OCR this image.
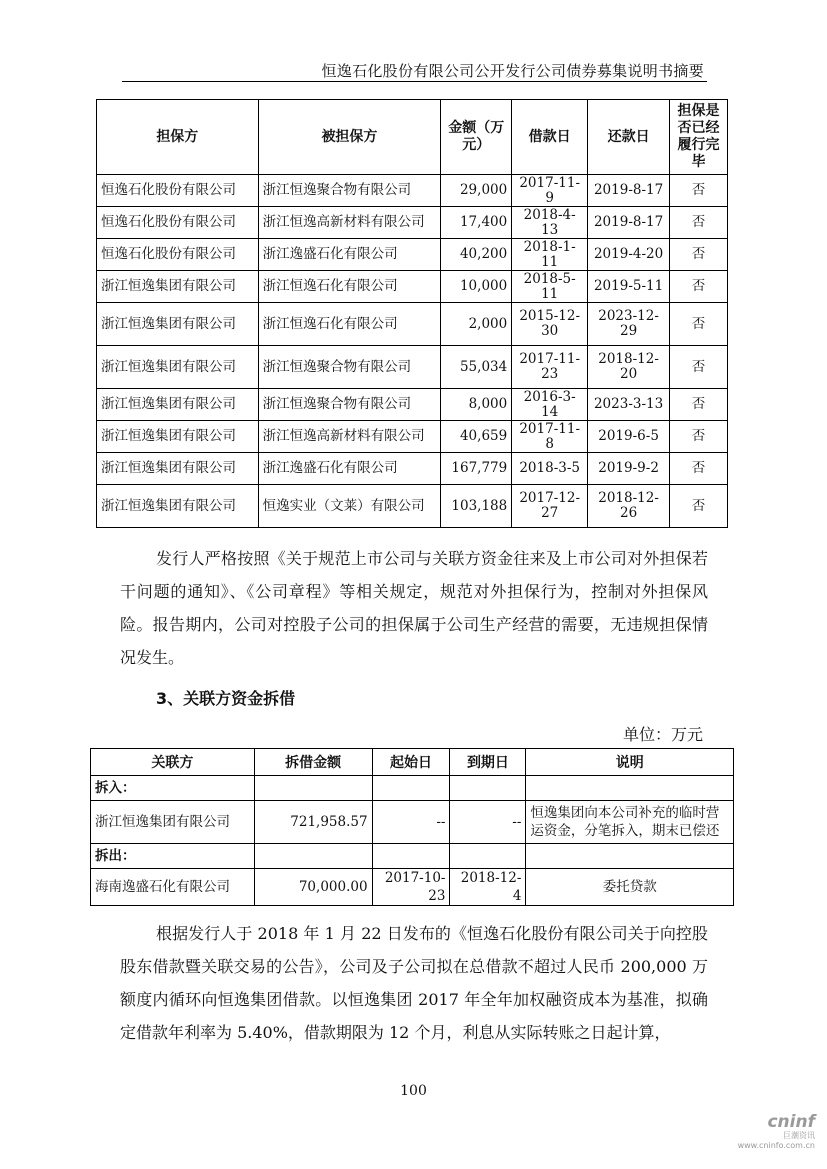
恒逸石化股份有限公司公开发行公司债券募集说明书摘要
担保方	被担保方	金额（万元）	借款日	还款日	担保是否已经履行完毕
恒逸石化股份有限公司	浙江恒逸聚合物有限公司	29,000	2017-11-9	2019-8-17	否
恒逸石化股份有限公司	浙江恒逸高新材料有限公司	17,400	2018-4-13	2019-8-17	否
恒逸石化股份有限公司	浙江逸盛石化有限公司	40,200	2018-1-11	2019-4-20	否
浙江恒逸集团有限公司	浙江恒逸石化有限公司	10,000	2018-5-11	2019-5-11	否
浙江恒逸集团有限公司	浙江恒逸石化有限公司	2,000	2015-12-30	2023-12-29	否
浙江恒逸集团有限公司	浙江恒逸聚合物有限公司	55,034	2017-11-23	2018-12-20	否
浙江恒逸集团有限公司	浙江恒逸聚合物有限公司	8,000	2016-3-14	2023-3-13	否
浙江恒逸集团有限公司	浙江恒逸高新材料有限公司	40,659	2017-11-8	2019-6-5	否
浙江恒逸集团有限公司	浙江逸盛石化有限公司	167,779	2018-3-5	2019-9-2	否
浙江恒逸集团有限公司	恒逸实业（文莱）有限公司	103,188	2017-12-27	2018-12-26	否
发行人严格按照《关于规范上市公司与关联方资金往来及上市公司对外担保若干问题的通知》、《公司章程》等相关规定，规范对外担保行为，控制对外担保风险。报告期内，公司对控股子公司的担保属于公司生产经营的需要，无违规担保情况发生。
3、关联方资金拆借
单位：万元
关联方	拆借金额	起始日	到期日	说明
拆入：				
浙江恒逸集团有限公司	721,958.57	--	--	恒逸集团向本公司补充的临时营运资金，分笔拆入，期末已偿还
拆出：				
海南逸盛石化有限公司	70,000.00	2017-10-23	2018-12-4	委托贷款
根据发行人于 2018 年 1 月 22 日发布的《恒逸石化股份有限公司关于向控股股东借款暨关联交易的公告》，公司及子公司拟在总借款不超过人民币 200,000 万额度内循环向恒逸集团借款。以恒逸集团 2017 年全年加权融资成本为基准，拟确定借款年利率为 5.40%，借款期限为 12 个月，利息从实际转账之日起计算，
100
cninf
巨潮资讯
www.cninfo.com.cn
